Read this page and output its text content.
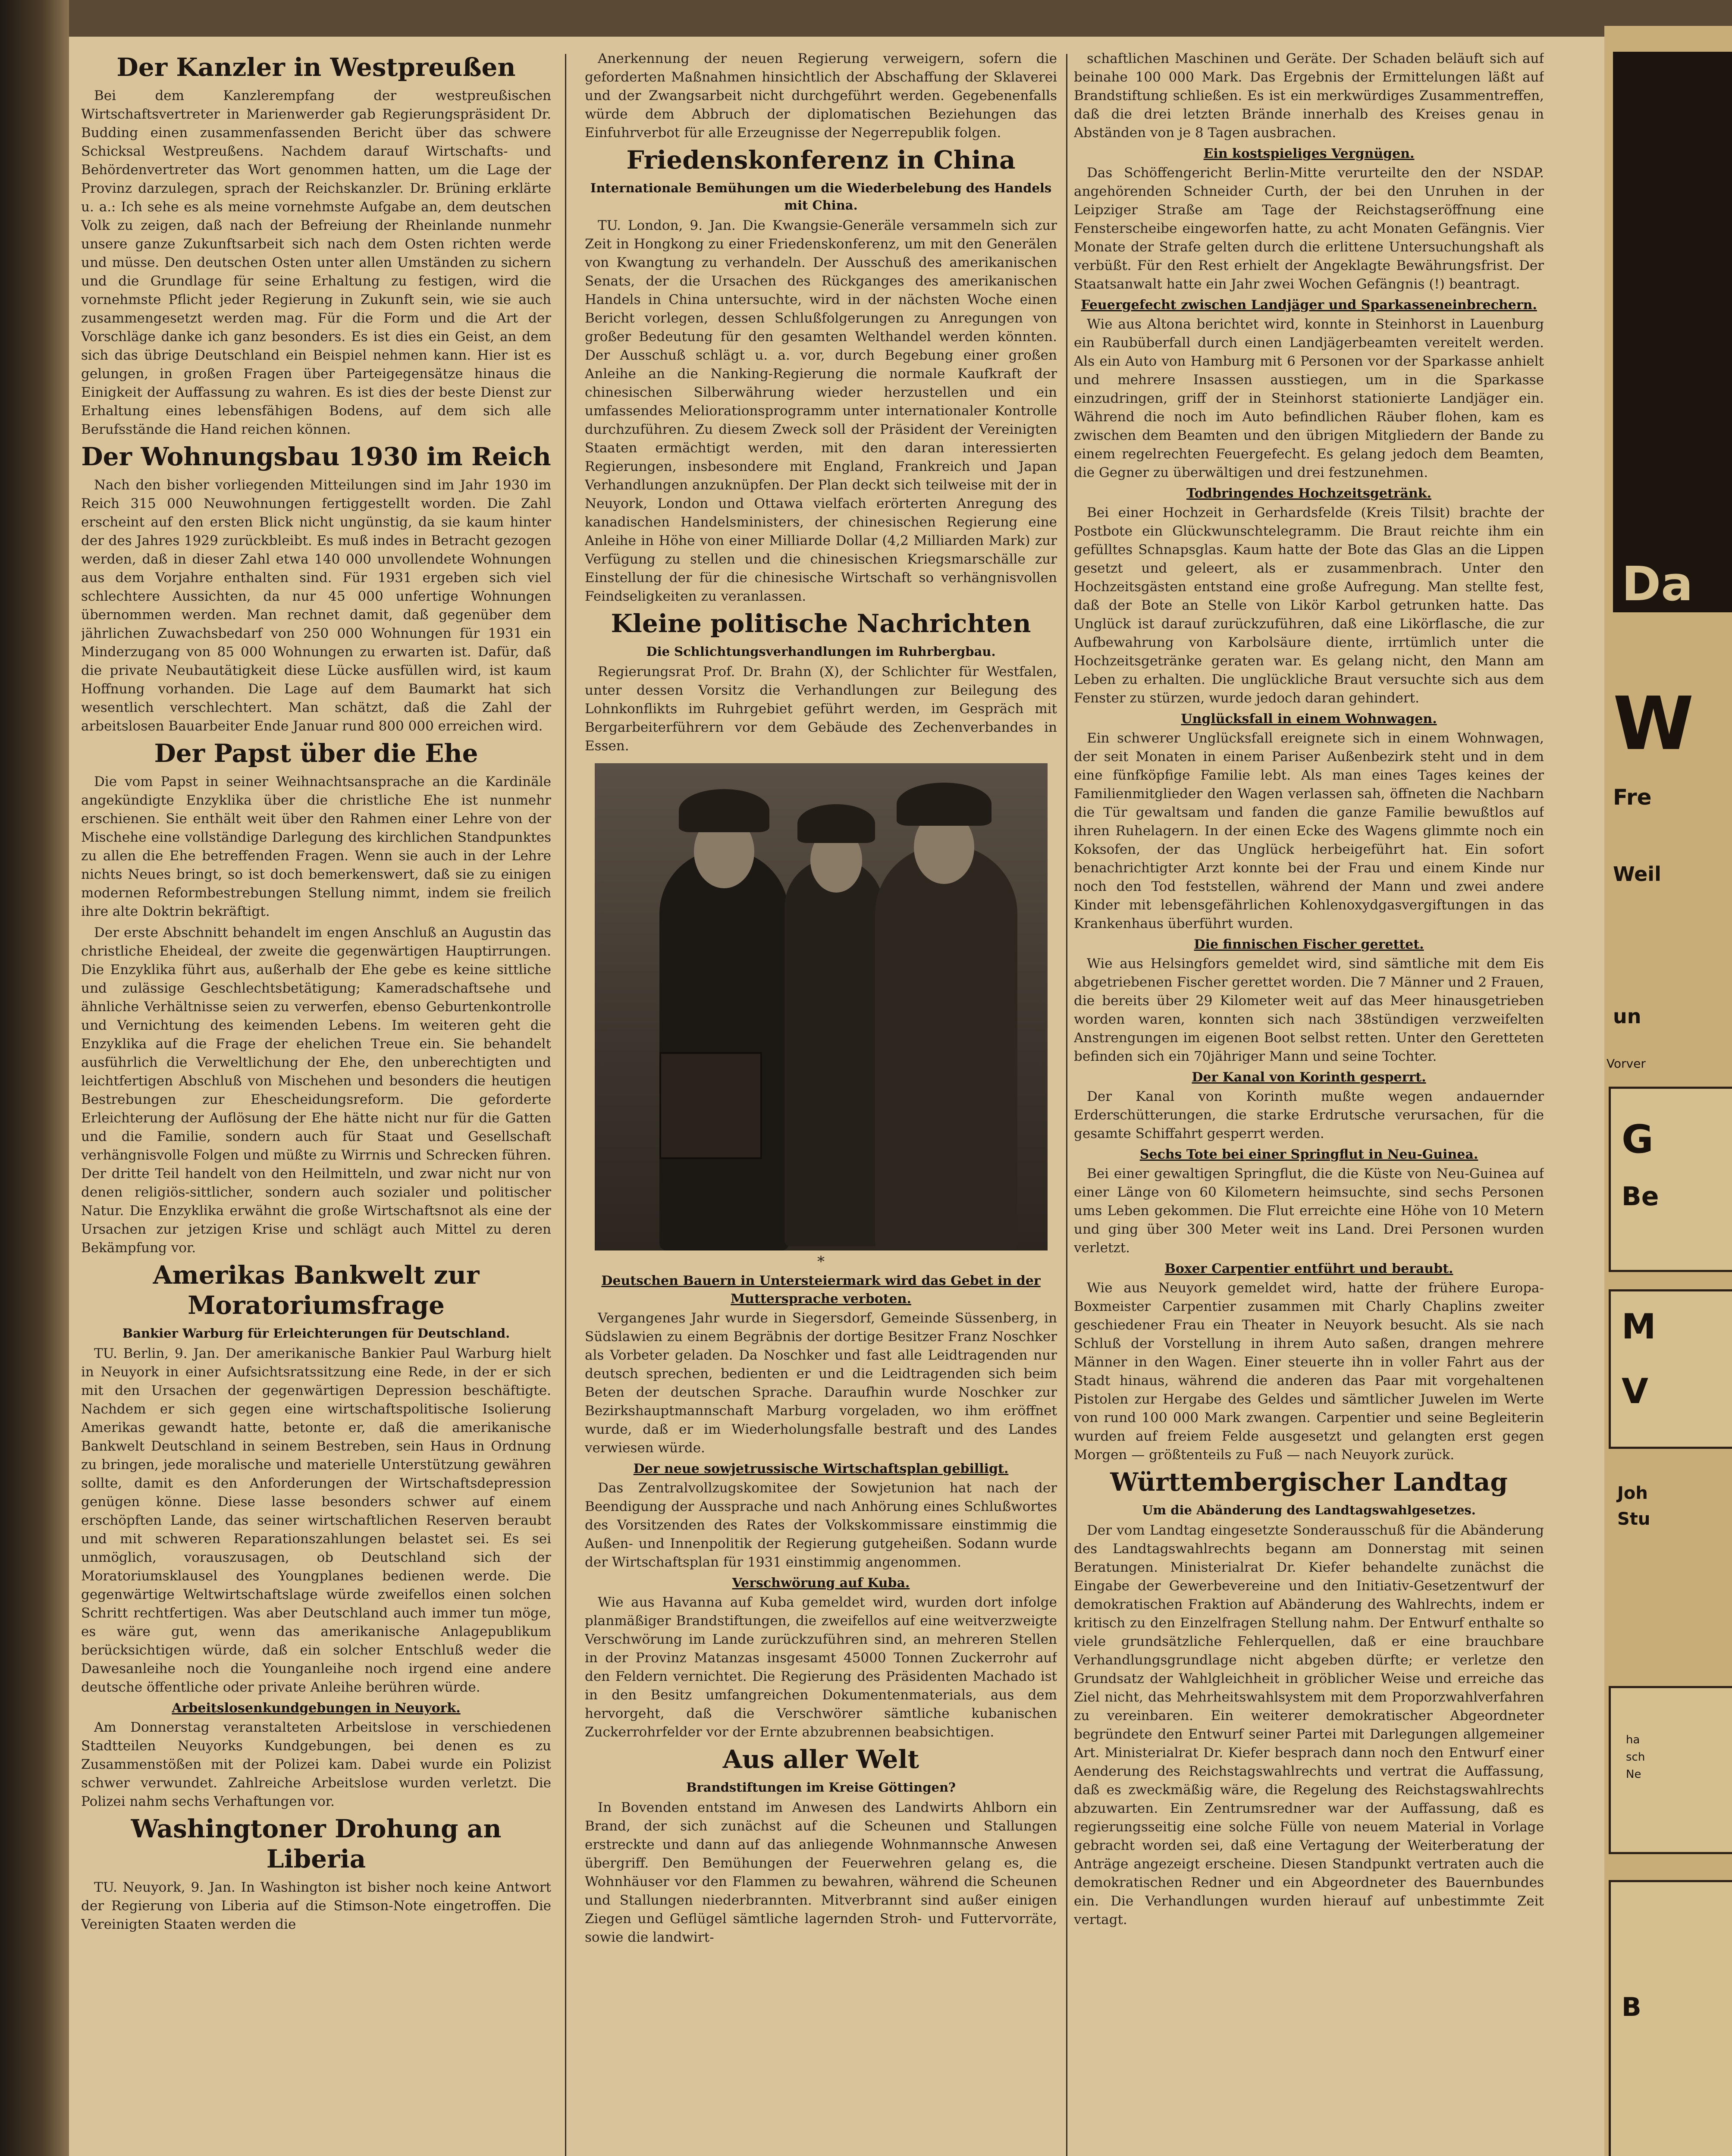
Der Kanzler in Westpreußen

Bei dem Kanzlerempfang der westpreußischen Wirtschaftsvertreter in Marienwerder gab Regierungspräsident Dr. Budding einen zusammenfassenden Bericht über das schwere Schicksal Westpreußens. Nachdem darauf Wirtschafts- und Behördenvertreter das Wort genommen hatten, um die Lage der Provinz darzulegen, sprach der Reichskanzler. Dr. Brüning erklärte u. a.: Ich sehe es als meine vornehmste Aufgabe an, dem deutschen Volk zu zeigen, daß nach der Befreiung der Rheinlande nunmehr unsere ganze Zukunftsarbeit sich nach dem Osten richten werde und müsse. Den deutschen Osten unter allen Umständen zu sichern und die Grundlage für seine Erhaltung zu festigen, wird die vornehmste Pflicht jeder Regierung in Zukunft sein, wie sie auch zusammengesetzt werden mag. Für die Form und die Art der Vorschläge danke ich ganz besonders. Es ist dies ein Geist, an dem sich das übrige Deutschland ein Beispiel nehmen kann. Hier ist es gelungen, in großen Fragen über Parteigegensätze hinaus die Einigkeit der Auffassung zu wahren. Es ist dies der beste Dienst zur Erhaltung eines lebensfähigen Bodens, auf dem sich alle Berufsstände die Hand reichen können.

Der Wohnungsbau 1930 im Reich

Nach den bisher vorliegenden Mitteilungen sind im Jahr 1930 im Reich 315 000 Neuwohnungen fertiggestellt worden. Die Zahl erscheint auf den ersten Blick nicht ungünstig, da sie kaum hinter der des Jahres 1929 zurückbleibt. Es muß indes in Betracht gezogen werden, daß in dieser Zahl etwa 140 000 unvollendete Wohnungen aus dem Vorjahre enthalten sind. Für 1931 ergeben sich viel schlechtere Aussichten, da nur 45 000 unfertige Wohnungen übernommen werden. Man rechnet damit, daß gegenüber dem jährlichen Zuwachsbedarf von 250 000 Wohnungen für 1931 ein Minderzugang von 85 000 Wohnungen zu erwarten ist. Dafür, daß die private Neubautätigkeit diese Lücke ausfüllen wird, ist kaum Hoffnung vorhanden. Die Lage auf dem Baumarkt hat sich wesentlich verschlechtert. Man schätzt, daß die Zahl der arbeitslosen Bauarbeiter Ende Januar rund 800 000 erreichen wird.

Der Papst über die Ehe

Die vom Papst in seiner Weihnachtsansprache an die Kardinäle angekündigte Enzyklika über die christliche Ehe ist nunmehr erschienen. Sie enthält weit über den Rahmen einer Lehre von der Mischehe eine vollständige Darlegung des kirchlichen Standpunktes zu allen die Ehe betreffenden Fragen. Wenn sie auch in der Lehre nichts Neues bringt, so ist doch bemerkenswert, daß sie zu einigen modernen Reformbestrebungen Stellung nimmt, indem sie freilich ihre alte Doktrin bekräftigt.

Der erste Abschnitt behandelt im engen Anschluß an Augustin das christliche Eheideal, der zweite die gegenwärtigen Hauptirrungen. Die Enzyklika führt aus, außerhalb der Ehe gebe es keine sittliche und zulässige Geschlechtsbetätigung; Kameradschaftsehe und ähnliche Verhältnisse seien zu verwerfen, ebenso Geburtenkontrolle und Vernichtung des keimenden Lebens. Im weiteren geht die Enzyklika auf die Frage der ehelichen Treue ein. Sie behandelt ausführlich die Verweltlichung der Ehe, den unberechtigten und leichtfertigen Abschluß von Mischehen und besonders die heutigen Bestrebungen zur Ehescheidungsreform. Die geforderte Erleichterung der Auflösung der Ehe hätte nicht nur für die Gatten und die Familie, sondern auch für Staat und Gesellschaft verhängnisvolle Folgen und müßte zu Wirrnis und Schrecken führen. Der dritte Teil handelt von den Heilmitteln, und zwar nicht nur von denen religiös-sittlicher, sondern auch sozialer und politischer Natur. Die Enzyklika erwähnt die große Wirtschaftsnot als eine der Ursachen zur jetzigen Krise und schlägt auch Mittel zu deren Bekämpfung vor.

Amerikas Bankwelt zur Moratoriumsfrage
Bankier Warburg für Erleichterungen für Deutschland.

TU. Berlin, 9. Jan. Der amerikanische Bankier Paul Warburg hielt in Neuyork in einer Aufsichtsratssitzung eine Rede, in der er sich mit den Ursachen der gegenwärtigen Depression beschäftigte. Nachdem er sich gegen eine wirtschaftspolitische Isolierung Amerikas gewandt hatte, betonte er, daß die amerikanische Bankwelt Deutschland in seinem Bestreben, sein Haus in Ordnung zu bringen, jede moralische und materielle Unterstützung gewähren sollte, damit es den Anforderungen der Wirtschaftsdepression genügen könne. Diese lasse besonders schwer auf einem erschöpften Lande, das seiner wirtschaftlichen Reserven beraubt und mit schweren Reparationszahlungen belastet sei. Es sei unmöglich, vorauszusagen, ob Deutschland sich der Moratoriumsklausel des Youngplanes bedienen werde. Die gegenwärtige Weltwirtschaftslage würde zweifellos einen solchen Schritt rechtfertigen. Was aber Deutschland auch immer tun möge, es wäre gut, wenn das amerikanische Anlagepublikum berücksichtigen würde, daß ein solcher Entschluß weder die Dawesanleihe noch die Younganleihe noch irgend eine andere deutsche öffentliche oder private Anleihe berühren würde.

Arbeitslosenkundgebungen in Neuyork.

Am Donnerstag veranstalteten Arbeitslose in verschiedenen Stadtteilen Neuyorks Kundgebungen, bei denen es zu Zusammenstößen mit der Polizei kam. Dabei wurde ein Polizist schwer verwundet. Zahlreiche Arbeitslose wurden verletzt. Die Polizei nahm sechs Verhaftungen vor.

Washingtoner Drohung an Liberia

TU. Neuyork, 9. Jan. In Washington ist bisher noch keine Antwort der Regierung von Liberia auf die Stimson-Note eingetroffen. Die Vereinigten Staaten werden die

Anerkennung der neuen Regierung verweigern, sofern die geforderten Maßnahmen hinsichtlich der Abschaffung der Sklaverei und der Zwangsarbeit nicht durchgeführt werden. Gegebenenfalls würde dem Abbruch der diplomatischen Beziehungen das Einfuhrverbot für alle Erzeugnisse der Negerrepublik folgen.

Friedenskonferenz in China
Internationale Bemühungen um die Wiederbelebung des Handels mit China.

TU. London, 9. Jan. Die Kwangsie-Generäle versammeln sich zur Zeit in Hongkong zu einer Friedenskonferenz, um mit den Generälen von Kwangtung zu verhandeln. Der Ausschuß des amerikanischen Senats, der die Ursachen des Rückganges des amerikanischen Handels in China untersuchte, wird in der nächsten Woche einen Bericht vorlegen, dessen Schlußfolgerungen zu Anregungen von großer Bedeutung für den gesamten Welthandel werden könnten. Der Ausschuß schlägt u. a. vor, durch Begebung einer großen Anleihe an die Nanking-Regierung die normale Kaufkraft der chinesischen Silberwährung wieder herzustellen und ein umfassendes Meliorationsprogramm unter internationaler Kontrolle durchzuführen. Zu diesem Zweck soll der Präsident der Vereinigten Staaten ermächtigt werden, mit den daran interessierten Regierungen, insbesondere mit England, Frankreich und Japan Verhandlungen anzuknüpfen. Der Plan deckt sich teilweise mit der in Neuyork, London und Ottawa vielfach erörterten Anregung des kanadischen Handelsministers, der chinesischen Regierung eine Anleihe in Höhe von einer Milliarde Dollar (4,2 Milliarden Mark) zur Verfügung zu stellen und die chinesischen Kriegsmarschälle zur Einstellung der für die chinesische Wirtschaft so verhängnisvollen Feindseligkeiten zu veranlassen.

Kleine politische Nachrichten
Die Schlichtungsverhandlungen im Ruhrbergbau.

Regierungsrat Prof. Dr. Brahn (X), der Schlichter für Westfalen, unter dessen Vorsitz die Verhandlungen zur Beilegung des Lohnkonflikts im Ruhrgebiet geführt werden, im Gespräch mit Bergarbeiterführern vor dem Gebäude des Zechenverbandes in Essen.

*
Deutschen Bauern in Untersteiermark wird das Gebet in der Muttersprache verboten.

Vergangenes Jahr wurde in Siegersdorf, Gemeinde Süssenberg, in Südslawien zu einem Begräbnis der dortige Besitzer Franz Noschker als Vorbeter geladen. Da Noschker und fast alle Leidtragenden nur deutsch sprechen, bedienten er und die Leidtragenden sich beim Beten der deutschen Sprache. Daraufhin wurde Noschker zur Bezirkshauptmannschaft Marburg vorgeladen, wo ihm eröffnet wurde, daß er im Wiederholungsfalle bestraft und des Landes verwiesen würde.

Der neue sowjetrussische Wirtschaftsplan gebilligt.

Das Zentralvollzugskomitee der Sowjetunion hat nach der Beendigung der Aussprache und nach Anhörung eines Schlußwortes des Vorsitzenden des Rates der Volkskommissare einstimmig die Außen- und Innenpolitik der Regierung gutgeheißen. Sodann wurde der Wirtschaftsplan für 1931 einstimmig angenommen.

Verschwörung auf Kuba.

Wie aus Havanna auf Kuba gemeldet wird, wurden dort infolge planmäßiger Brandstiftungen, die zweifellos auf eine weitverzweigte Verschwörung im Lande zurückzuführen sind, an mehreren Stellen in der Provinz Matanzas insgesamt 45000 Tonnen Zuckerrohr auf den Feldern vernichtet. Die Regierung des Präsidenten Machado ist in den Besitz umfangreichen Dokumentenmaterials, aus dem hervorgeht, daß die Verschwörer sämtliche kubanischen Zuckerrohrfelder vor der Ernte abzubrennen beabsichtigen.

Aus aller Welt
Brandstiftungen im Kreise Göttingen?

In Bovenden entstand im Anwesen des Landwirts Ahlborn ein Brand, der sich zunächst auf die Scheunen und Stallungen erstreckte und dann auf das anliegende Wohnmannsche Anwesen übergriff. Den Bemühungen der Feuerwehren gelang es, die Wohnhäuser vor den Flammen zu bewahren, während die Scheunen und Stallungen niederbrannten. Mitverbrannt sind außer einigen Ziegen und Geflügel sämtliche lagernden Stroh- und Futtervorräte, sowie die landwirt-

schaftlichen Maschinen und Geräte. Der Schaden beläuft sich auf beinahe 100 000 Mark. Das Ergebnis der Ermittelungen läßt auf Brandstiftung schließen. Es ist ein merkwürdiges Zusammentreffen, daß die drei letzten Brände innerhalb des Kreises genau in Abständen von je 8 Tagen ausbrachen.

Ein kostspieliges Vergnügen.

Das Schöffengericht Berlin-Mitte verurteilte den der NSDAP. angehörenden Schneider Curth, der bei den Unruhen in der Leipziger Straße am Tage der Reichstagseröffnung eine Fensterscheibe eingeworfen hatte, zu acht Monaten Gefängnis. Vier Monate der Strafe gelten durch die erlittene Untersuchungshaft als verbüßt. Für den Rest erhielt der Angeklagte Bewährungsfrist. Der Staatsanwalt hatte ein Jahr zwei Wochen Gefängnis (!) beantragt.

Feuergefecht zwischen Landjäger und Sparkasseneinbrechern.

Wie aus Altona berichtet wird, konnte in Steinhorst in Lauenburg ein Raubüberfall durch einen Landjägerbeamten vereitelt werden. Als ein Auto von Hamburg mit 6 Personen vor der Sparkasse anhielt und mehrere Insassen ausstiegen, um in die Sparkasse einzudringen, griff der in Steinhorst stationierte Landjäger ein. Während die noch im Auto befindlichen Räuber flohen, kam es zwischen dem Beamten und den übrigen Mitgliedern der Bande zu einem regelrechten Feuergefecht. Es gelang jedoch dem Beamten, die Gegner zu überwältigen und drei festzunehmen.

Todbringendes Hochzeitsgetränk.

Bei einer Hochzeit in Gerhardsfelde (Kreis Tilsit) brachte der Postbote ein Glückwunschtelegramm. Die Braut reichte ihm ein gefülltes Schnapsglas. Kaum hatte der Bote das Glas an die Lippen gesetzt und geleert, als er zusammenbrach. Unter den Hochzeitsgästen entstand eine große Aufregung. Man stellte fest, daß der Bote an Stelle von Likör Karbol getrunken hatte. Das Unglück ist darauf zurückzuführen, daß eine Likörflasche, die zur Aufbewahrung von Karbolsäure diente, irrtümlich unter die Hochzeitsgetränke geraten war. Es gelang nicht, den Mann am Leben zu erhalten. Die unglückliche Braut versuchte sich aus dem Fenster zu stürzen, wurde jedoch daran gehindert.

Unglücksfall in einem Wohnwagen.

Ein schwerer Unglücksfall ereignete sich in einem Wohnwagen, der seit Monaten in einem Pariser Außenbezirk steht und in dem eine fünfköpfige Familie lebt. Als man eines Tages keines der Familienmitglieder den Wagen verlassen sah, öffneten die Nachbarn die Tür gewaltsam und fanden die ganze Familie bewußtlos auf ihren Ruhelagern. In der einen Ecke des Wagens glimmte noch ein Koksofen, der das Unglück herbeigeführt hat. Ein sofort benachrichtigter Arzt konnte bei der Frau und einem Kinde nur noch den Tod feststellen, während der Mann und zwei andere Kinder mit lebensgefährlichen Kohlenoxydgasvergiftungen in das Krankenhaus überführt wurden.

Die finnischen Fischer gerettet.

Wie aus Helsingfors gemeldet wird, sind sämtliche mit dem Eis abgetriebenen Fischer gerettet worden. Die 7 Männer und 2 Frauen, die bereits über 29 Kilometer weit auf das Meer hinausgetrieben worden waren, konnten sich nach 38stündigen verzweifelten Anstrengungen im eigenen Boot selbst retten. Unter den Geretteten befinden sich ein 70jähriger Mann und seine Tochter.

Der Kanal von Korinth gesperrt.

Der Kanal von Korinth mußte wegen andauernder Erderschütterungen, die starke Erdrutsche verursachen, für die gesamte Schiffahrt gesperrt werden.

Sechs Tote bei einer Springflut in Neu-Guinea.

Bei einer gewaltigen Springflut, die die Küste von Neu-Guinea auf einer Länge von 60 Kilometern heimsuchte, sind sechs Personen ums Leben gekommen. Die Flut erreichte eine Höhe von 10 Metern und ging über 300 Meter weit ins Land. Drei Personen wurden verletzt.

Boxer Carpentier entführt und beraubt.

Wie aus Neuyork gemeldet wird, hatte der frühere Europa-Boxmeister Carpentier zusammen mit Charly Chaplins zweiter geschiedener Frau ein Theater in Neuyork besucht. Als sie nach Schluß der Vorstellung in ihrem Auto saßen, drangen mehrere Männer in den Wagen. Einer steuerte ihn in voller Fahrt aus der Stadt hinaus, während die anderen das Paar mit vorgehaltenen Pistolen zur Hergabe des Geldes und sämtlicher Juwelen im Werte von rund 100 000 Mark zwangen. Carpentier und seine Begleiterin wurden auf freiem Felde ausgesetzt und gelangten erst gegen Morgen — größtenteils zu Fuß — nach Neuyork zurück.

Württembergischer Landtag
Um die Abänderung des Landtagswahlgesetzes.

Der vom Landtag eingesetzte Sonderausschuß für die Abänderung des Landtagswahlrechts begann am Donnerstag mit seinen Beratungen. Ministerialrat Dr. Kiefer behandelte zunächst die Eingabe der Gewerbevereine und den Initiativ-Gesetzentwurf der demokratischen Fraktion auf Abänderung des Wahlrechts, indem er kritisch zu den Einzelfragen Stellung nahm. Der Entwurf enthalte so viele grundsätzliche Fehlerquellen, daß er eine brauchbare Verhandlungsgrundlage nicht abgeben dürfte; er verletze den Grundsatz der Wahlgleichheit in gröblicher Weise und erreiche das Ziel nicht, das Mehrheitswahlsystem mit dem Proporzwahlverfahren zu vereinbaren. Ein weiterer demokratischer Abgeordneter begründete den Entwurf seiner Partei mit Darlegungen allgemeiner Art. Ministerialrat Dr. Kiefer besprach dann noch den Entwurf einer Aenderung des Reichstagswahlrechts und vertrat die Auffassung, daß es zweckmäßig wäre, die Regelung des Reichstagswahlrechts abzuwarten. Ein Zentrumsredner war der Auffassung, daß es regierungsseitig eine solche Fülle von neuem Material in Vorlage gebracht worden sei, daß eine Vertagung der Weiterberatung der Anträge angezeigt erscheine. Diesen Standpunkt vertraten auch die demokratischen Redner und ein Abgeordneter des Bauernbundes ein. Die Verhandlungen wurden hierauf auf unbestimmte Zeit vertagt.

Da
W
Fre
Weil
un
Vorver
G
Be
M
V
Joh
Stu
ha
sch
Ne
B
